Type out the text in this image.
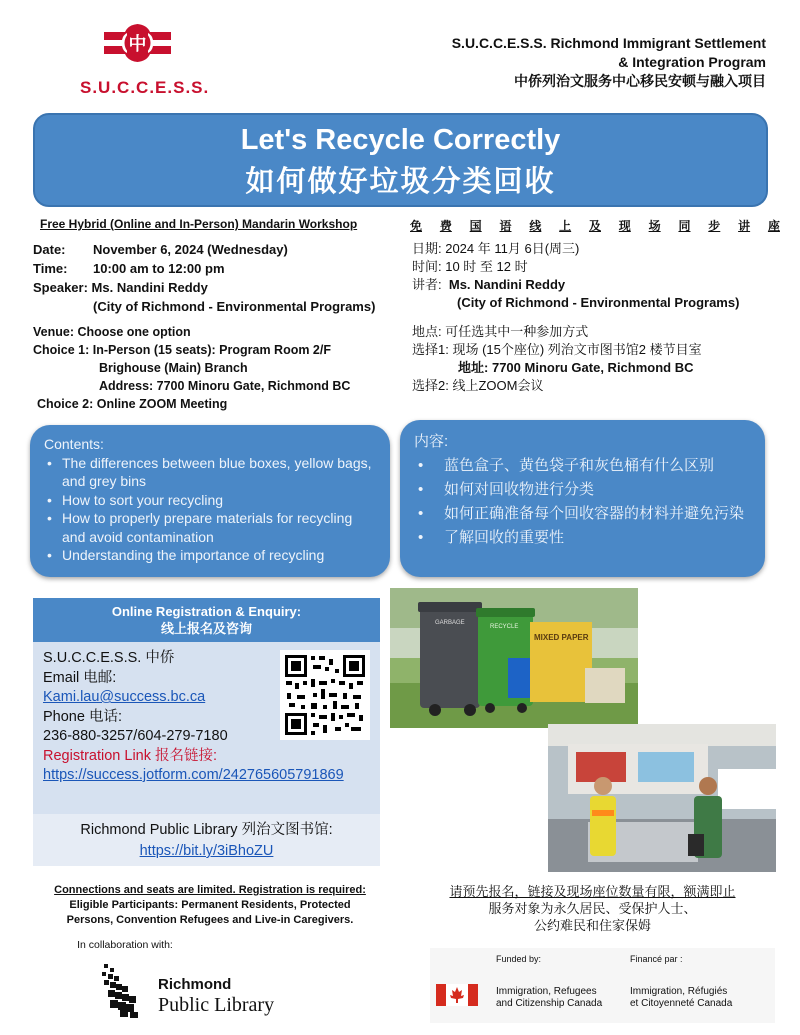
中
S.U.C.C.E.S.S.
S.U.C.C.E.S.S. Richmond Immigrant Settlement
& Integration Program
中侨列治文服务中心移民安顿与融入项目
Let's Recycle Correctly
如何做好垃圾分类回收
Free Hybrid (Online and In-Person) Mandarin Workshop	免 费 国 语 线 上 及 现 场 同 步 讲 座
Date:	November 6, 2024 (Wednesday)
Time:	10:00 am to 12:00 pm
Speaker:
Ms. Nandini Reddy
(City of Richmond - Environmental Programs)
日期: 2024 年 11月 6日(周三)
时间: 10 时 至 12 时
讲者: Ms. Nandini Reddy
(City of Richmond - Environmental Programs)
Venue: Choose one option
Choice 1: In-Person (15 seats): Program Room 2/F
Brighouse (Main) Branch
Address: 7700 Minoru Gate, Richmond BC
Choice 2: Online ZOOM Meeting
地点: 可任选其中一种参加方式
选择1: 现场 (15个座位) 列治文市图书馆2 楼节目室
地址: 7700 Minoru Gate, Richmond BC
选择2: 线上ZOOM会议
Contents:
• The differences between blue boxes, yellow bags, and grey bins
• How to sort your recycling
• How to properly prepare materials for recycling and avoid contamination
• Understanding the importance of recycling
内容:
• 蓝色盒子、黄色袋子和灰色桶有什么区别
• 如何对回收物进行分类
• 如何正确准备每个回收容器的材料并避免污染
• 了解回收的重要性
Online Registration & Enquiry:
线上报名及咨询
S.U.C.C.E.S.S. 中侨
Email 电邮:
Kami.lau@success.bc.ca
Phone 电话:
236-880-3257/604-279-7180
Registration Link 报名链接:
https://success.jotform.com/242765605791869
Richmond Public Library 列治文图书馆:
https://bit.ly/3iBhoZU
GARBAGE
RECYCLE
MIXED PAPER
Connections and seats are limited. Registration is required:
Eligible Participants: Permanent Residents, Protected
Persons, Convention Refugees and Live-in Caregivers.
In collaboration with:
Richmond
Public Library
请预先报名，链接及现场座位数量有限，额满即止
服务对象为永久居民、受保护人士、
公约难民和住家保姆
Funded by:	Financé par :
Immigration, Refugees
and Citizenship Canada
Immigration, Réfugiés
et Citoyenneté Canada
